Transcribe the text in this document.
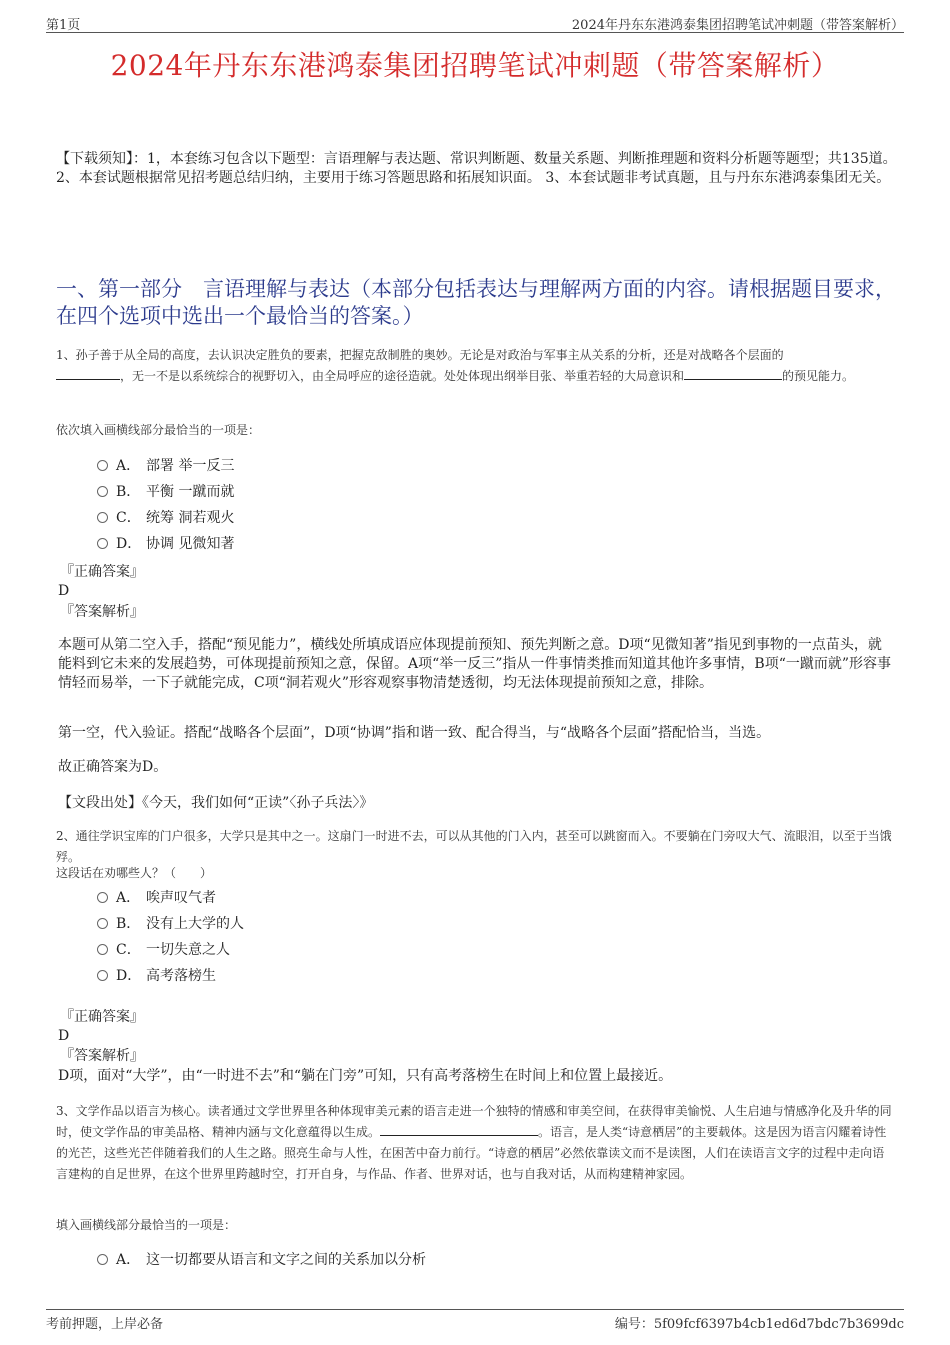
第1页	2024年丹东东港鸿泰集团招聘笔试冲刺题（带答案解析）
2024年丹东东港鸿泰集团招聘笔试冲刺题（带答案解析）
【下载须知】：1，本套练习包含以下题型：言语理解与表达题、常识判断题、数量关系题、判断推理题和资料分析题等题型；共135道。 2、本套试题根据常见招考题总结归纳，主要用于练习答题思路和拓展知识面。 3、本套试题非考试真题，且与丹东东港鸿泰集团无关。
一、第一部分　言语理解与表达（本部分包括表达与理解两方面的内容。请根据题目要求，在四个选项中选出一个最恰当的答案。）
1、孙子善于从全局的高度，去认识决定胜负的要素，把握克敌制胜的奥妙。无论是对政治与军事主从关系的分析，还是对战略各个层面的
，无一不是以系统综合的视野切入，由全局呼应的途径造就。处处体现出纲举目张、举重若轻的大局意识和	的预见能力。
依次填入画横线部分最恰当的一项是：
A． 部署 举一反三
B． 平衡 一蹴而就
C． 统筹 洞若观火
D． 协调 见微知著
『正确答案』
D
『答案解析』
本题可从第二空入手，搭配“预见能力”，横线处所填成语应体现提前预知、预先判断之意。D项“见微知著”指见到事物的一点苗头，就能料到它未来的发展趋势，可体现提前预知之意，保留。A项“举一反三”指从一件事情类推而知道其他许多事情，B项“一蹴而就”形容事情轻而易举，一下子就能完成，C项“洞若观火”形容观察事物清楚透彻，均无法体现提前预知之意，排除。
第一空，代入验证。搭配“战略各个层面”，D项“协调”指和谐一致、配合得当，与“战略各个层面”搭配恰当，当选。
故正确答案为D。
【文段出处】《今天，我们如何“正读”〈孙子兵法〉》
2、通往学识宝库的门户很多，大学只是其中之一。这扇门一时进不去，可以从其他的门入内，甚至可以跳窗而入。不要躺在门旁叹大气、流眼泪，以至于当饿殍。
这段话在劝哪些人？（　　）
A． 唉声叹气者
B． 没有上大学的人
C． 一切失意之人
D． 高考落榜生
『正确答案』
D
『答案解析』
D项，面对“大学”，由“一时进不去”和“躺在门旁”可知，只有高考落榜生在时间上和位置上最接近。
3、文学作品以语言为核心。读者通过文学世界里各种体现审美元素的语言走进一个独特的情感和审美空间，在获得审美愉悦、人生启迪与情感净化及升华的同时，使文学作品的审美品格、精神内涵与文化意蕴得以生成。	。语言，是人类“诗意栖居”的主要载体。这是因为语言闪耀着诗性的光芒，这些光芒伴随着我们的人生之路。照亮生命与人性，在困苦中奋力前行。“诗意的栖居”必然依靠读文而不是读图，人们在读语言文字的过程中走向语言建构的自足世界，在这个世界里跨越时空，打开自身，与作品、作者、世界对话，也与自我对话，从而构建精神家园。
填入画横线部分最恰当的一项是：
A． 这一切都要从语言和文字之间的关系加以分析
考前押题，上岸必备	编号：5f09fcf6397b4cb1ed6d7bdc7b3699dc
